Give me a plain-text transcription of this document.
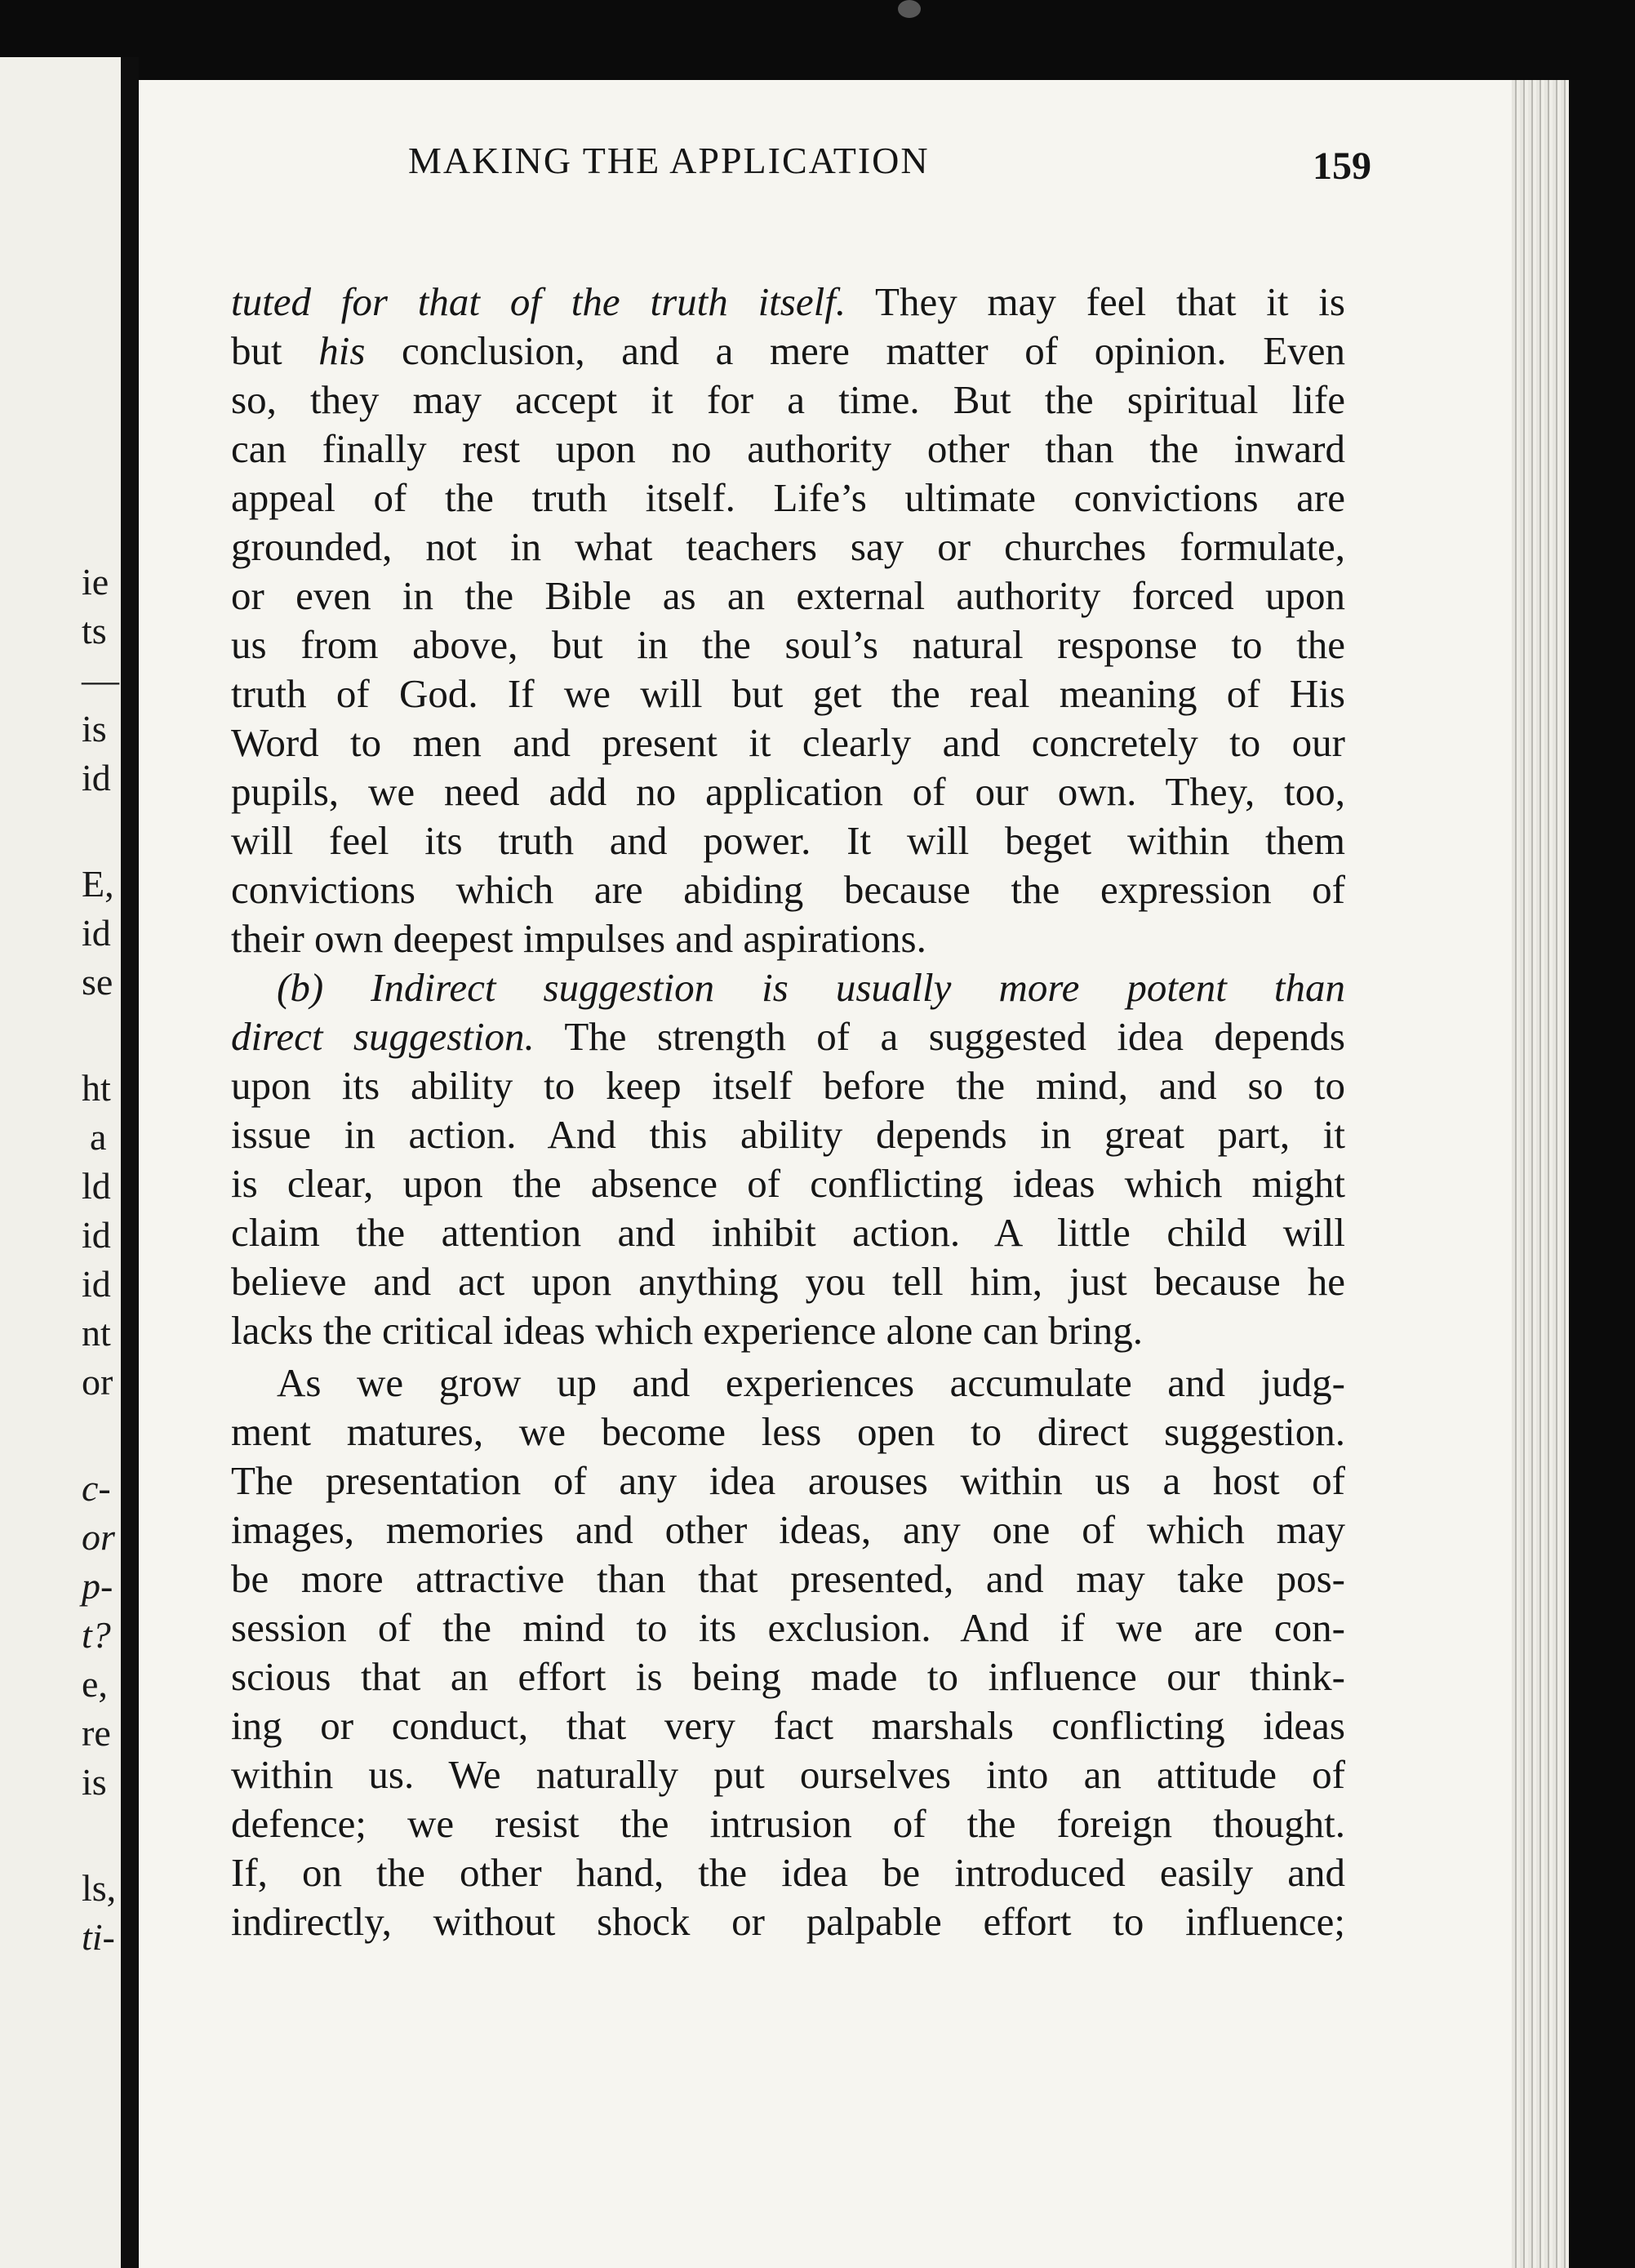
ie
ts
—
is
id
E,
id
se
ht
a
ld
id
id
nt
or
c-
or
p-
t?
e,
re
is
ls,
ti-
MAKING THE APPLICATION	159
tuted for that of the truth itself. They may feel that it is
but his conclusion, and a mere matter of opinion. Even
so, they may accept it for a time. But the spiritual life
can finally rest upon no authority other than the inward
appeal of the truth itself. Life’s ultimate convictions are
grounded, not in what teachers say or churches formulate,
or even in the Bible as an external authority forced upon
us from above, but in the soul’s natural response to the
truth of God. If we will but get the real meaning of His
Word to men and present it clearly and concretely to our
pupils, we need add no application of our own. They, too,
will feel its truth and power. It will beget within them
convictions which are abiding because the expression of
their own deepest impulses and aspirations.
(b) Indirect suggestion is usually more potent than
direct suggestion. The strength of a suggested idea depends
upon its ability to keep itself before the mind, and so to
issue in action. And this ability depends in great part, it
is clear, upon the absence of conflicting ideas which might
claim the attention and inhibit action. A little child will
believe and act upon anything you tell him, just because he
lacks the critical ideas which experience alone can bring.
As we grow up and experiences accumulate and judg-
ment matures, we become less open to direct suggestion.
The presentation of any idea arouses within us a host of
images, memories and other ideas, any one of which may
be more attractive than that presented, and may take pos-
session of the mind to its exclusion. And if we are con-
scious that an effort is being made to influence our think-
ing or conduct, that very fact marshals conflicting ideas
within us. We naturally put ourselves into an attitude of
defence; we resist the intrusion of the foreign thought.
If, on the other hand, the idea be introduced easily and
indirectly, without shock or palpable effort to influence;
